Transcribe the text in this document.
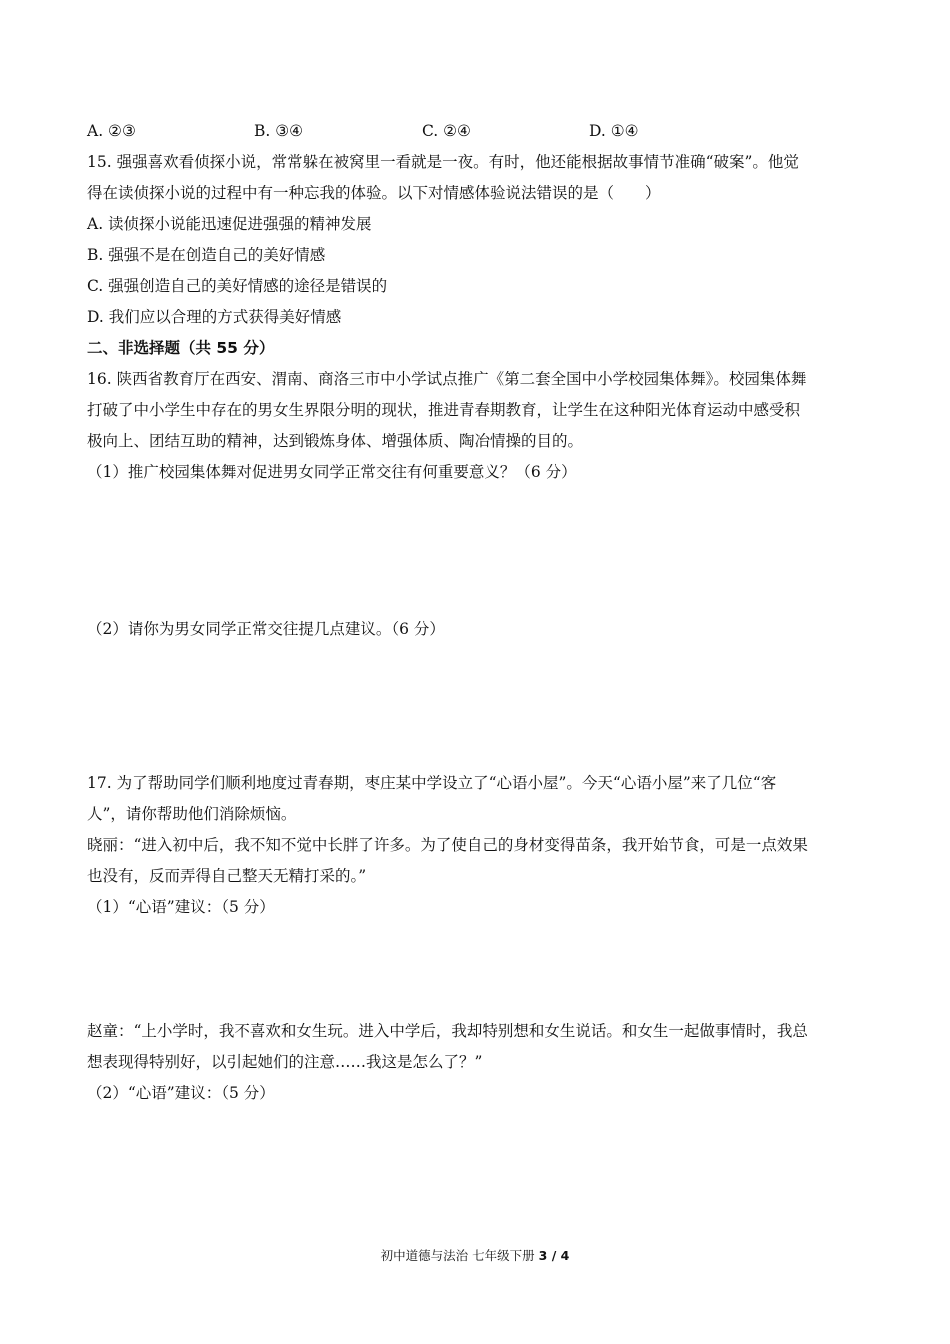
A. ②③	B. ③④	C. ②④	D. ①④
15. 强强喜欢看侦探小说，常常躲在被窝里一看就是一夜。有时，他还能根据故事情节准确“破案”。他觉
得在读侦探小说的过程中有一种忘我的体验。以下对情感体验说法错误的是（　　）
A. 读侦探小说能迅速促进强强的精神发展
B. 强强不是在创造自己的美好情感
C. 强强创造自己的美好情感的途径是错误的
D. 我们应以合理的方式获得美好情感
二、非选择题（共 55 分）
16. 陕西省教育厅在西安、渭南、商洛三市中小学试点推广《第二套全国中小学校园集体舞》。校园集体舞
打破了中小学生中存在的男女生界限分明的现状，推进青春期教育，让学生在这种阳光体育运动中感受积
极向上、团结互助的精神，达到锻炼身体、增强体质、陶冶情操的目的。
（1）推广校园集体舞对促进男女同学正常交往有何重要意义？（6 分）
（2）请你为男女同学正常交往提几点建议。（6 分）
17. 为了帮助同学们顺利地度过青春期，枣庄某中学设立了“心语小屋”。今天“心语小屋”来了几位“客
人”，请你帮助他们消除烦恼。
晓丽：“进入初中后，我不知不觉中长胖了许多。为了使自己的身材变得苗条，我开始节食，可是一点效果
也没有，反而弄得自己整天无精打采的。”
（1）“心语”建议：（5 分）
赵童：“上小学时，我不喜欢和女生玩。进入中学后，我却特别想和女生说话。和女生一起做事情时，我总
想表现得特别好，以引起她们的注意……我这是怎么了？”
（2）“心语”建议：（5 分）
初中道德与法治 七年级下册 3 / 4
